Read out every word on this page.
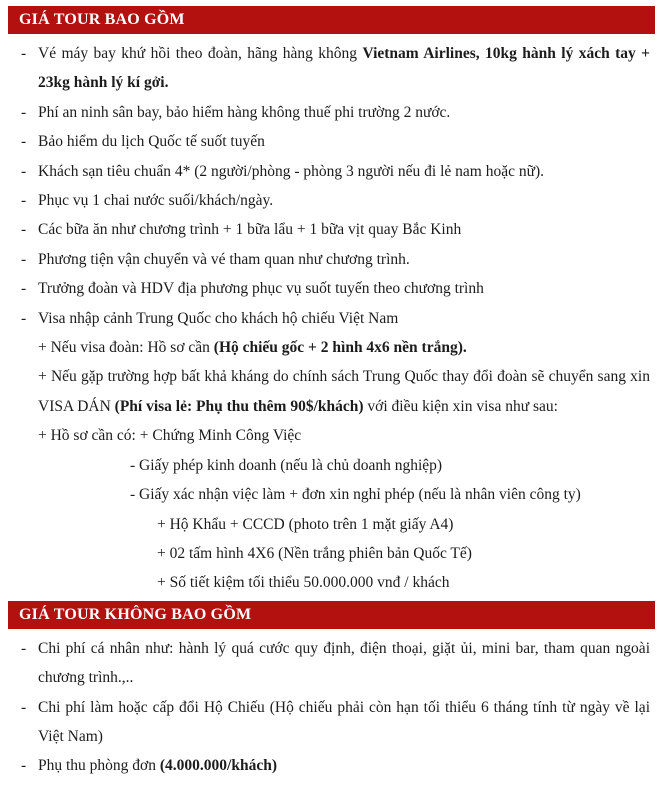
GIÁ TOUR BAO GỒM
- Vé máy bay khứ hồi theo đoàn, hãng hàng không Vietnam Airlines, 10kg hành lý xách tay + 23kg hành lý kí gởi.
- Phí an ninh sân bay, bảo hiểm hàng không thuế phi trường 2 nước.
- Bảo hiểm du lịch Quốc tế suốt tuyến
- Khách sạn tiêu chuẩn 4* (2 người/phòng - phòng 3 người nếu đi lẻ nam hoặc nữ).
- Phục vụ 1 chai nước suối/khách/ngày.
- Các bữa ăn như chương trình + 1 bữa lẩu + 1 bữa vịt quay Bắc Kinh
- Phương tiện vận chuyển và vé tham quan như chương trình.
- Trưởng đoàn và HDV địa phương phục vụ suốt tuyến theo chương trình
- Visa nhập cảnh Trung Quốc cho khách hộ chiếu Việt Nam
+ Nếu visa đoàn: Hồ sơ cần (Hộ chiếu gốc + 2 hình 4x6 nền trắng).
+ Nếu gặp trường hợp bất khả kháng do chính sách Trung Quốc thay đổi đoàn sẽ chuyển sang xin VISA DÁN (Phí visa lẻ: Phụ thu thêm 90$/khách) với điều kiện xin visa như sau:
+ Hồ sơ cần có: + Chứng Minh Công Việc
- Giấy phép kinh doanh (nếu là chủ doanh nghiệp)
- Giấy xác nhận việc làm + đơn xin nghỉ phép (nếu là nhân viên công ty)
+ Hộ Khẩu + CCCD (photo trên 1 mặt giấy A4)
+ 02 tấm hình 4X6 (Nền trắng phiên bản Quốc Tế)
+ Số tiết kiệm tối thiểu 50.000.000 vnđ / khách
GIÁ TOUR KHÔNG BAO GỒM
- Chi phí cá nhân như: hành lý quá cước quy định, điện thoại, giặt ủi, mini bar, tham quan ngoài chương trình.,..
- Chi phí làm hoặc cấp đổi Hộ Chiếu (Hộ chiếu phải còn hạn tối thiểu 6 tháng tính từ ngày về lại Việt Nam)
- Phụ thu phòng đơn (4.000.000/khách)
